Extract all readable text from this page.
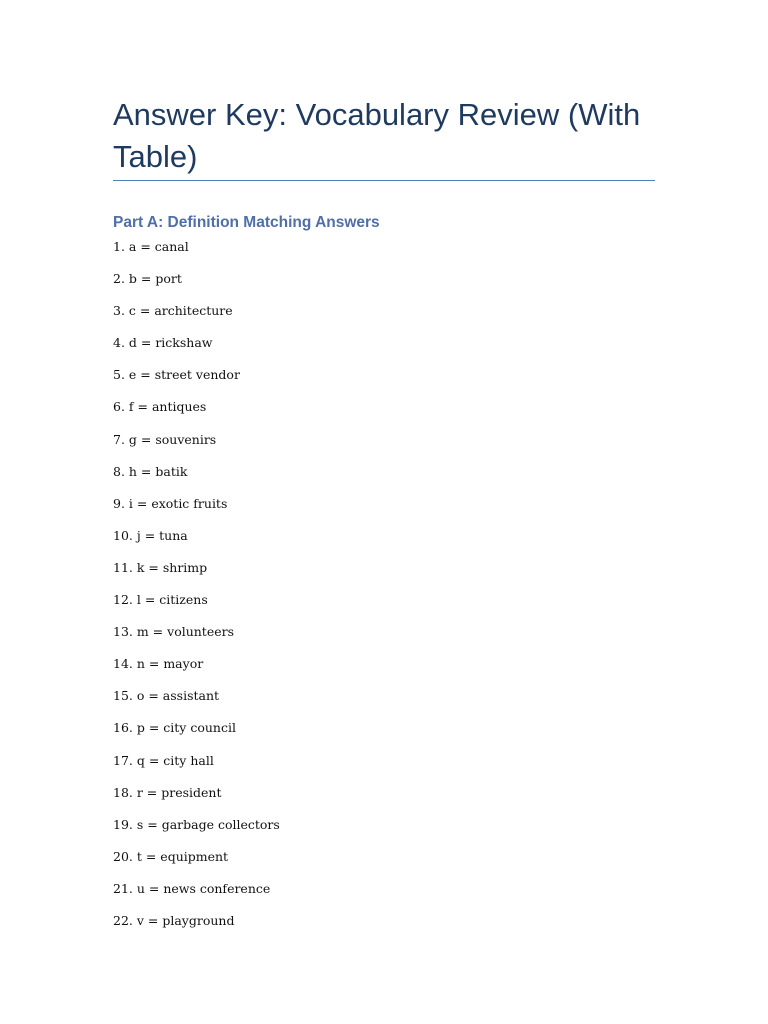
Answer Key: Vocabulary Review (With Table)
Part A: Definition Matching Answers
1. a = canal
2. b = port
3. c = architecture
4. d = rickshaw
5. e = street vendor
6. f = antiques
7. g = souvenirs
8. h = batik
9. i = exotic fruits
10. j = tuna
11. k = shrimp
12. l = citizens
13. m = volunteers
14. n = mayor
15. o = assistant
16. p = city council
17. q = city hall
18. r = president
19. s = garbage collectors
20. t = equipment
21. u = news conference
22. v = playground
